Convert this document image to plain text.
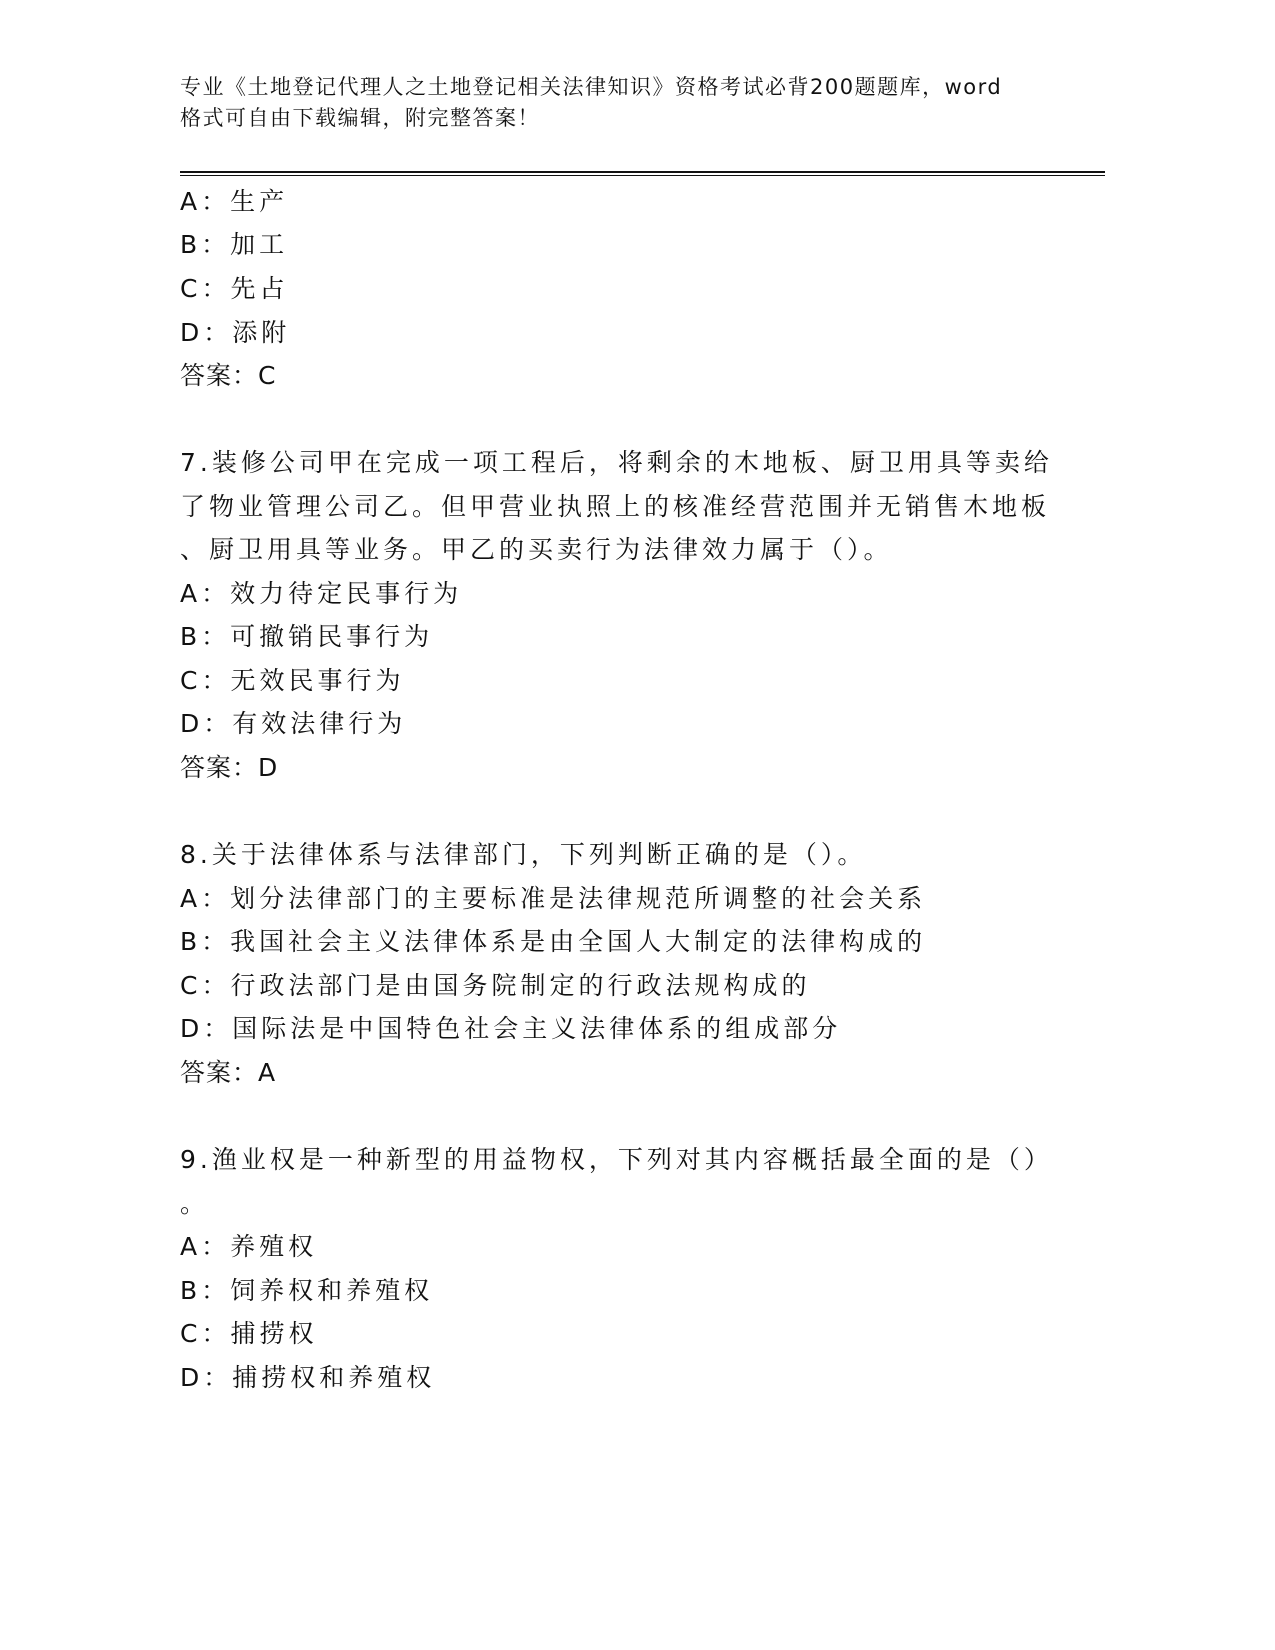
专业《土地登记代理人之土地登记相关法律知识》资格考试必背200题题库，word
格式可自由下载编辑，附完整答案！
A：生产
B：加工
C：先占
D：添附
答案：C
7.装修公司甲在完成一项工程后，将剩余的木地板、厨卫用具等卖给
了物业管理公司乙。但甲营业执照上的核准经营范围并无销售木地板
、厨卫用具等业务。甲乙的买卖行为法律效力属于（）。
A：效力待定民事行为
B：可撤销民事行为
C：无效民事行为
D：有效法律行为
答案：D
8.关于法律体系与法律部门，下列判断正确的是（）。
A：划分法律部门的主要标准是法律规范所调整的社会关系
B：我国社会主义法律体系是由全国人大制定的法律构成的
C：行政法部门是由国务院制定的行政法规构成的
D：国际法是中国特色社会主义法律体系的组成部分
答案：A
9.渔业权是一种新型的用益物权，下列对其内容概括最全面的是（）
。
A：养殖权
B：饲养权和养殖权
C：捕捞权
D：捕捞权和养殖权
